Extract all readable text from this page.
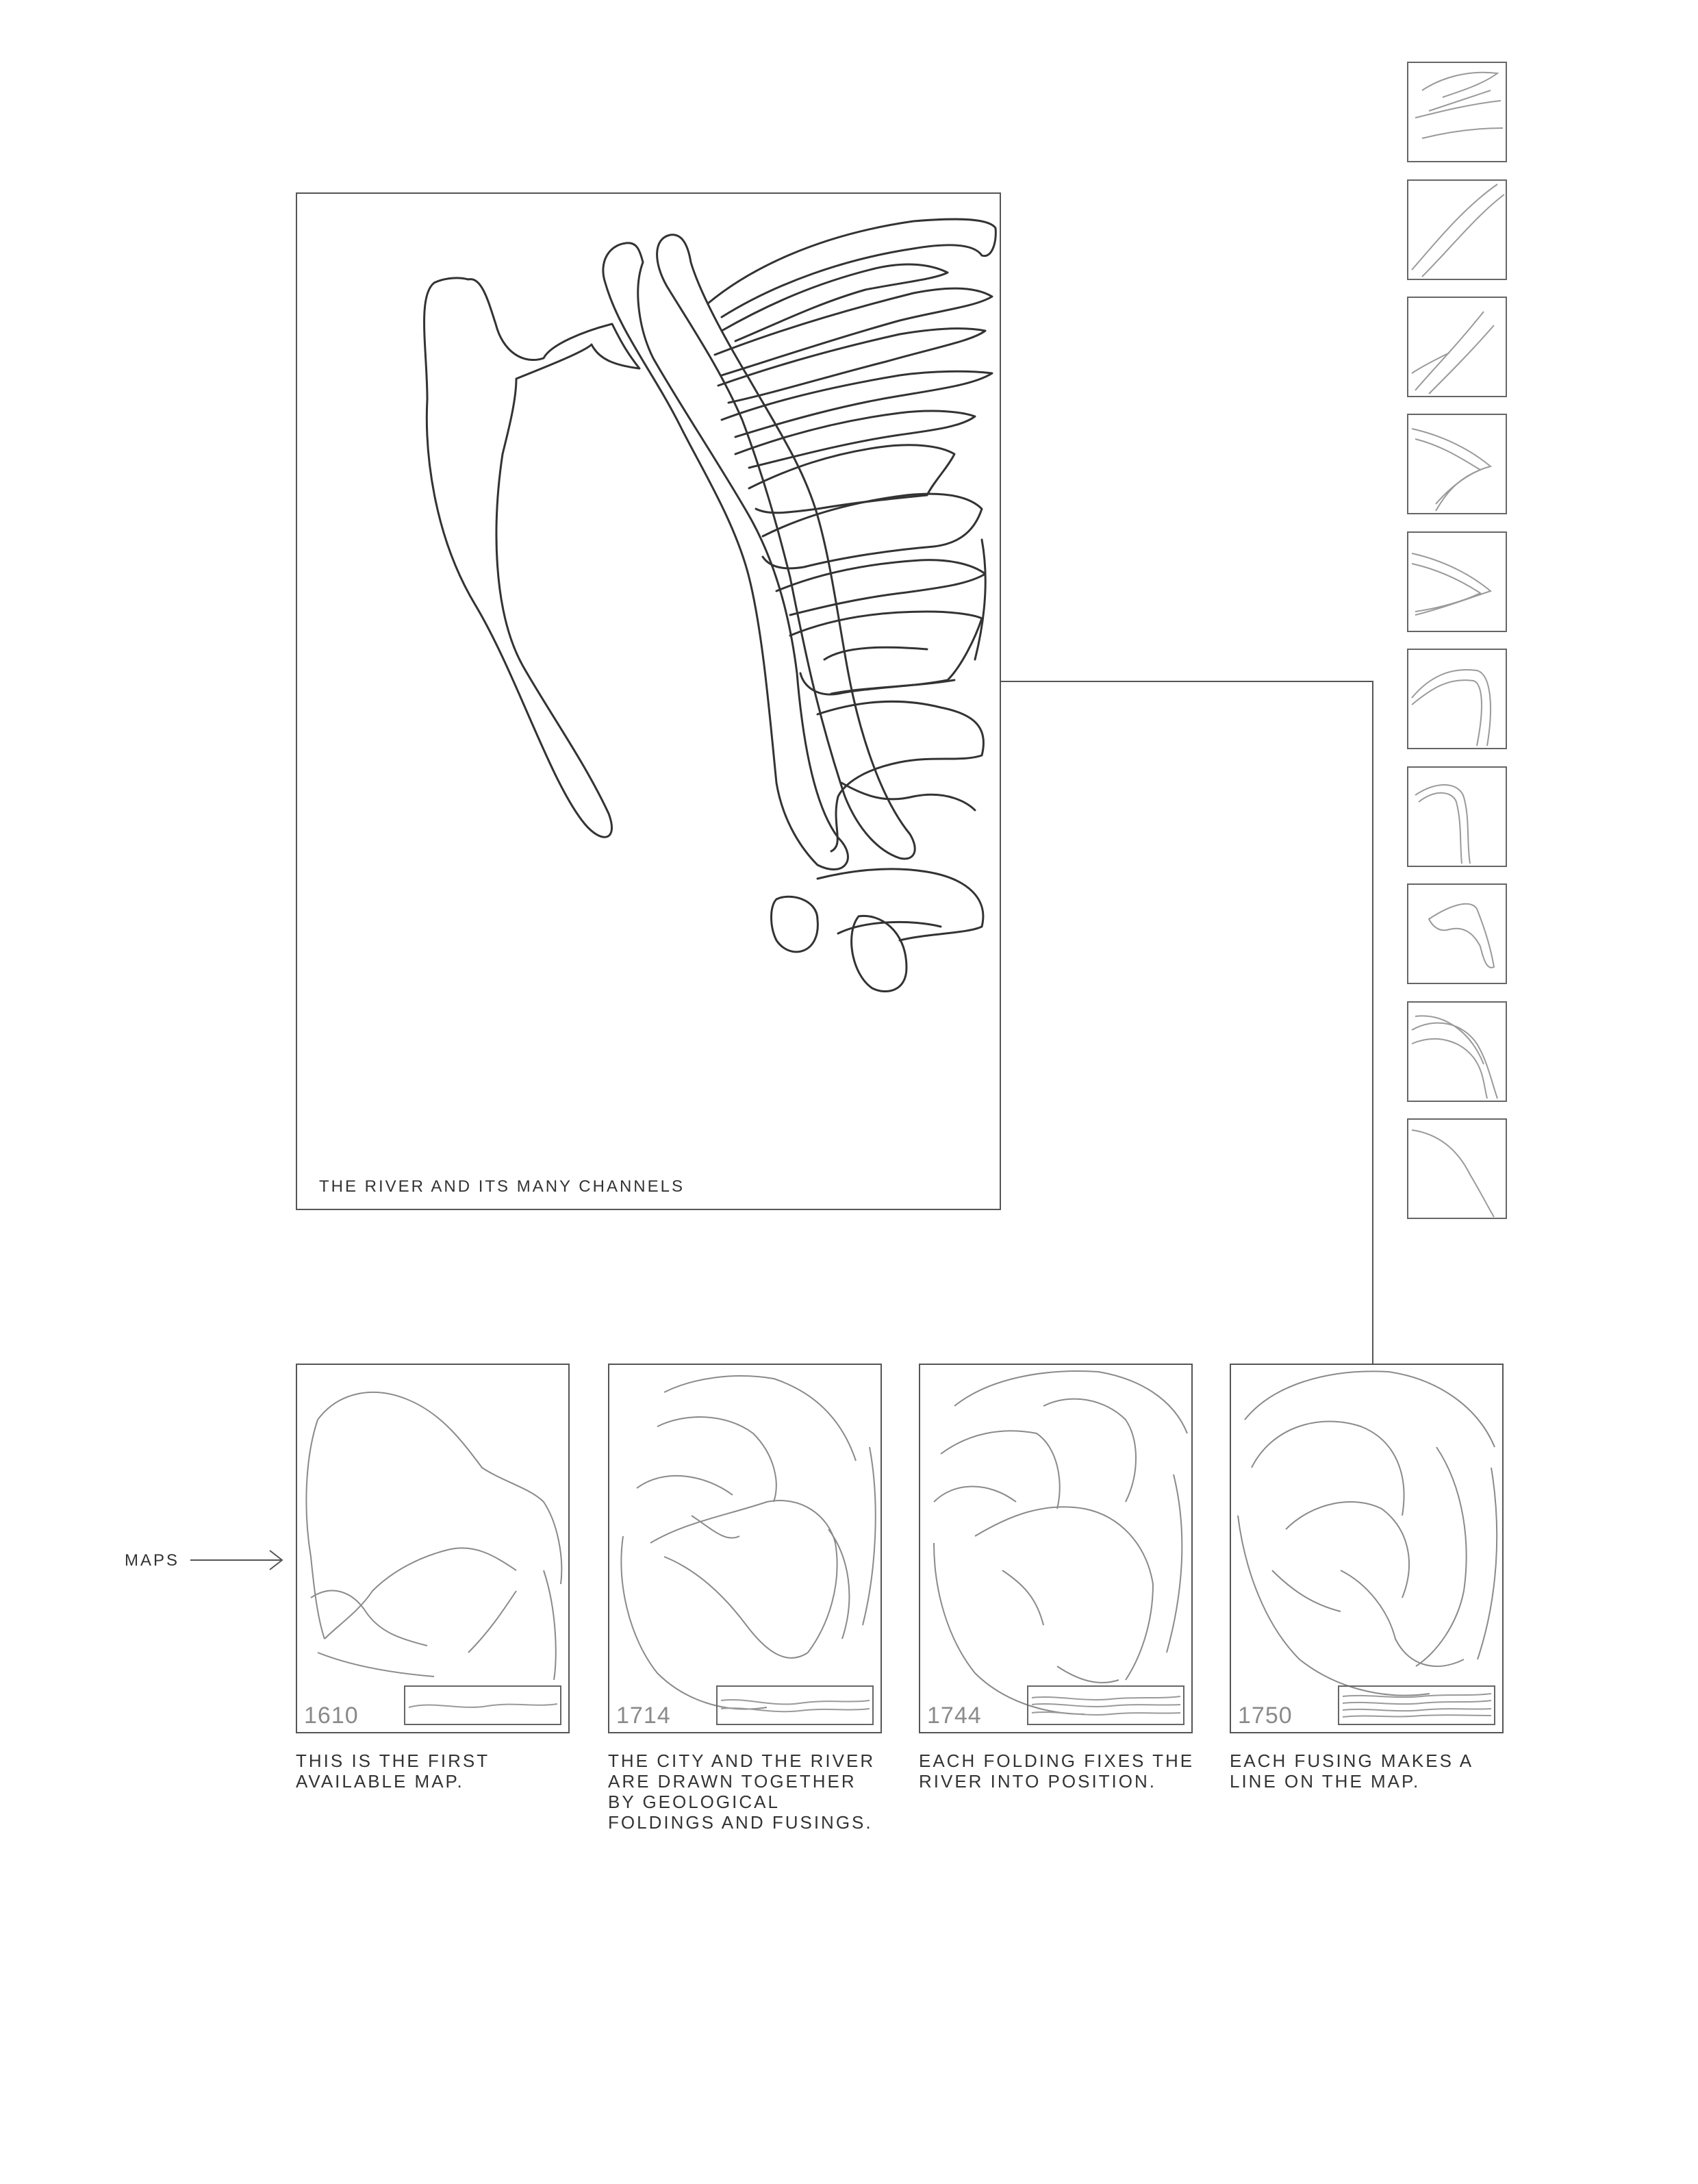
THE RIVER AND ITS MANY CHANNELS
MAPS
1610	1714	1744	1750
THIS IS THE FIRST AVAILABLE MAP.
THE CITY AND THE RIVER ARE DRAWN TOGETHER BY GEOLOGICAL FOLDINGS AND FUSINGS.
EACH FOLDING FIXES THE RIVER INTO POSITION.
EACH FUSING MAKES A LINE ON THE MAP.
